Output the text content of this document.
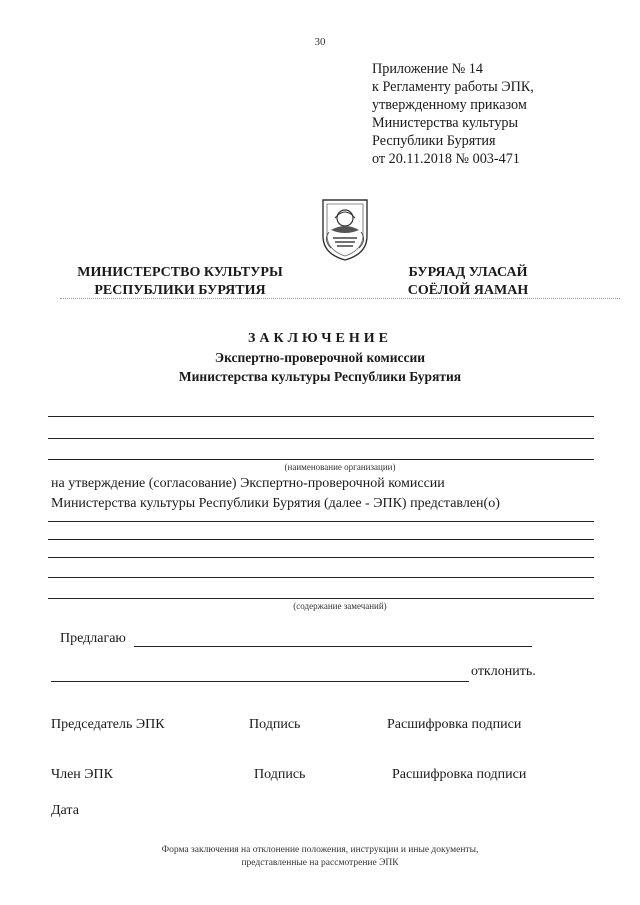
30
Приложение № 14
к Регламенту работы ЭПК,
утвержденному приказом
Министерства культуры
Республики Бурятия
от 20.11.2018 № 003-471
МИНИСТЕРСТВО КУЛЬТУРЫ
РЕСПУБЛИКИ БУРЯТИЯ
БУРЯАД УЛАСАЙ
СОЁЛОЙ ЯАМАН
ЗАКЛЮЧЕНИЕ
Экспертно-проверочной комиссии
Министерства культуры Республики Бурятия
(наименование организации)
на утверждение (согласование) Экспертно-проверочной комиссии
Министерства культуры Республики Бурятия (далее - ЭПК) представлен(о)
(содержание замечаний)
Предлагаю
отклонить.
Председатель ЭПК	Подпись	Расшифровка подписи
Член ЭПК	Подпись	Расшифровка подписи
Дата
Форма заключения на отклонение положения, инструкции и иные документы,
представленные на рассмотрение ЭПК
